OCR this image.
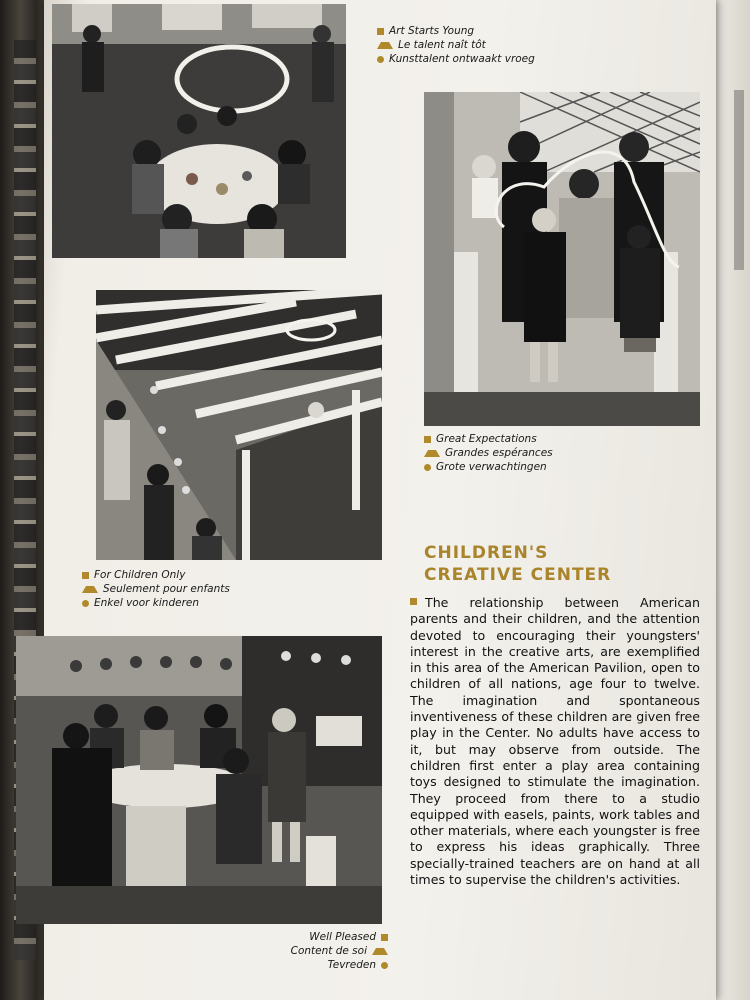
Art Starts Young
Le talent naît tôt
Kunsttalent ontwaakt vroeg
Great Expectations
Grandes espérances
Grote verwachtingen
For Children Only
Seulement pour enfants
Enkel voor kinderen
CHILDREN'S
CREATIVE CENTER
The relationship between American parents and their children, and the attention devoted to encouraging their youngsters' interest in the creative arts, are exemplified in this area of the American Pavilion, open to children of all nations, age four to twelve. The imagination and spontaneous inventiveness of these children are given free play in the Center. No adults have access to it, but may observe from outside. The children first enter a play area containing toys designed to stimulate the imagination. They proceed from there to a studio equipped with easels, paints, work tables and other materials, where each youngster is free to express his ideas graphically. Three specially-trained teachers are on hand at all times to supervise the children's activities.
Well Pleased
Content de soi
Tevreden
